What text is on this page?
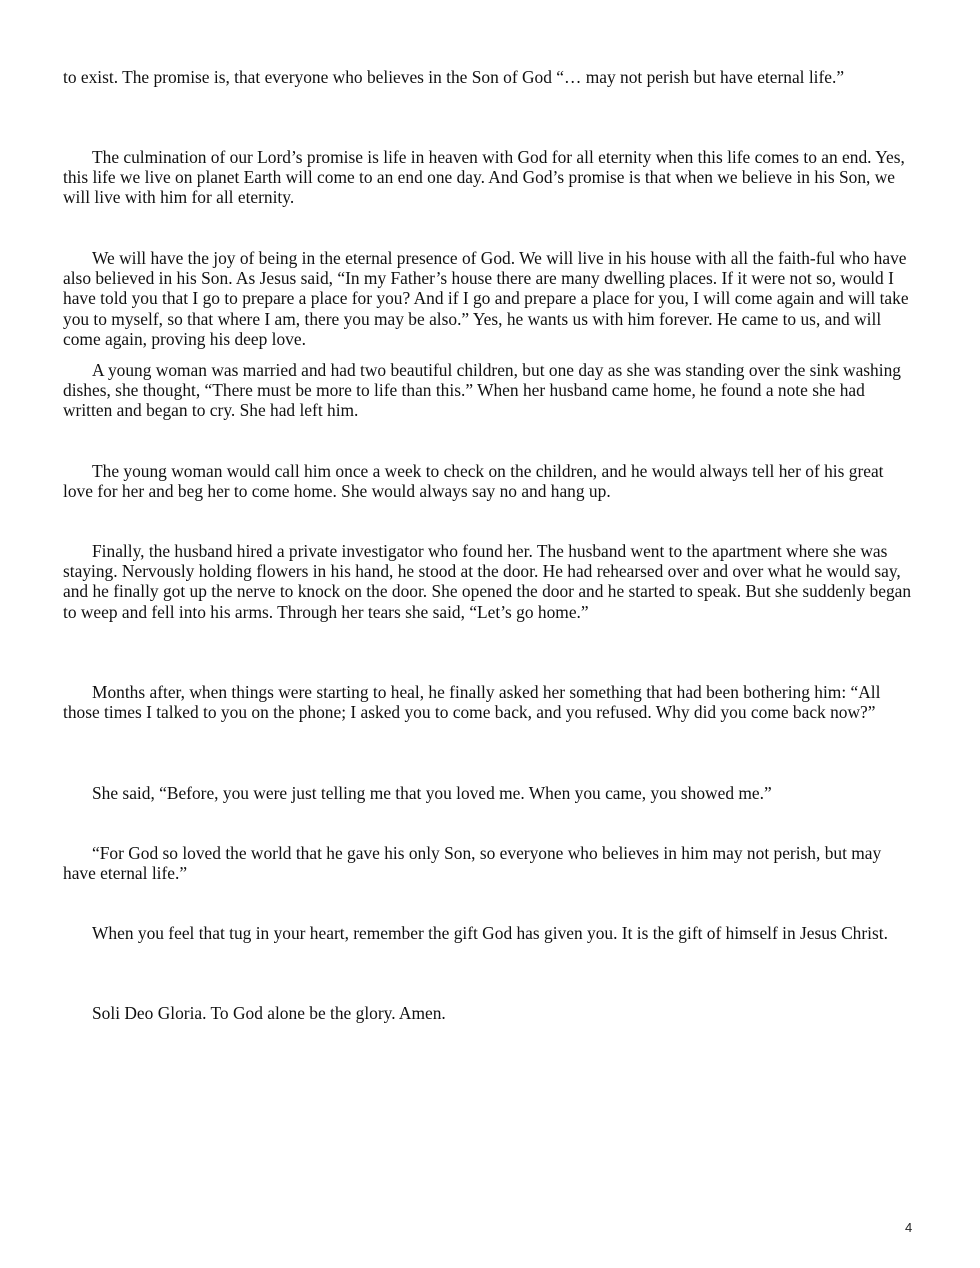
to exist. The promise is, that everyone who believes in the Son of God “… may not perish but have eternal life.”

The culmination of our Lord’s promise is life in heaven with God for all eternity when this life comes to an end. Yes, this life we live on planet Earth will come to an end one day. And God’s promise is that when we believe in his Son, we will live with him for all eternity.

We will have the joy of being in the eternal presence of God. We will live in his house with all the faith-ful who have also believed in his Son. As Jesus said, “In my Father’s house there are many dwelling places. If it were not so, would I have told you that I go to prepare a place for you? And if I go and prepare a place for you, I will come again and will take you to myself, so that where I am, there you may be also.” Yes, he wants us with him forever. He came to us, and will come again, proving his deep love.

A young woman was married and had two beautiful children, but one day as she was standing over the sink washing dishes, she thought, “There must be more to life than this.” When her husband came home, he found a note she had written and began to cry. She had left him.

The young woman would call him once a week to check on the children, and he would always tell her of his great love for her and beg her to come home. She would always say no and hang up.

Finally, the husband hired a private investigator who found her. The husband went to the apartment where she was staying. Nervously holding flowers in his hand, he stood at the door. He had rehearsed over and over what he would say, and he finally got up the nerve to knock on the door. She opened the door and he started to speak. But she suddenly began to weep and fell into his arms. Through her tears she said, “Let’s go home.”

Months after, when things were starting to heal, he finally asked her something that had been bothering him: “All those times I talked to you on the phone; I asked you to come back, and you refused. Why did you come back now?”

She said, “Before, you were just telling me that you loved me. When you came, you showed me.”

“For God so loved the world that he gave his only Son, so everyone who believes in him may not perish, but may have eternal life.”

When you feel that tug in your heart, remember the gift God has given you. It is the gift of himself in Jesus Christ.

Soli Deo Gloria. To God alone be the glory. Amen.

4
